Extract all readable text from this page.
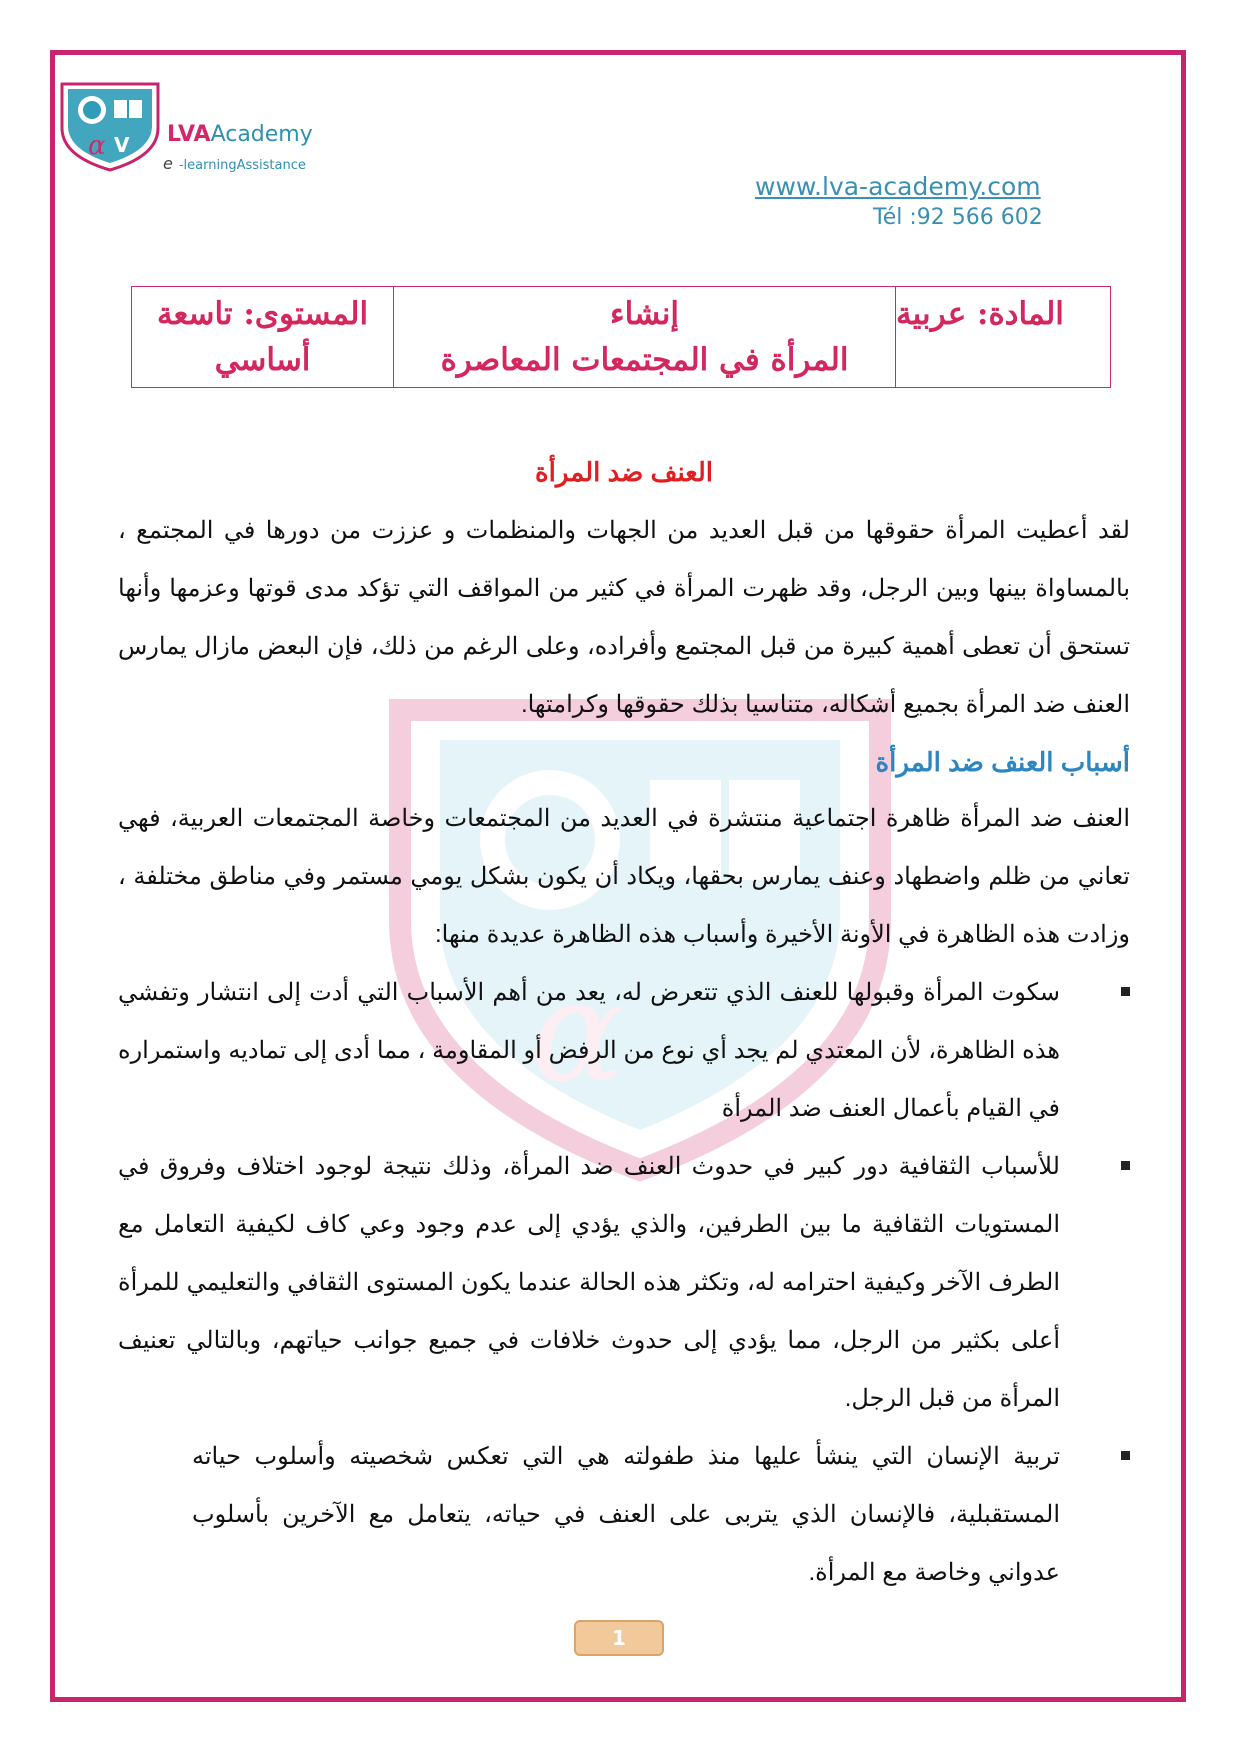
α V LVAAcademy
e -learningAssistance
www.lva-academy.com
Tél :92 566 602
المستوى: تاسعة
أساسي
إنشاء
المرأة في المجتمعات المعاصرة
المادة: عربية
α
العنف ضد المرأة

لقد أعطيت المرأة حقوقها من قبل العديد من الجهات والمنظمات و عززت من دورها في المجتمع ، بالمساواة بينها وبين الرجل، وقد ظهرت المرأة في كثير من المواقف التي تؤكد مدى قوتها وعزمها وأنها تستحق أن تعطى أهمية كبيرة من قبل المجتمع وأفراده، وعلى الرغم من ذلك، فإن البعض مازال يمارس العنف ضد المرأة بجميع أشكاله، متناسيا بذلك حقوقها وكرامتها.

أسباب العنف ضد المرأة

العنف ضد المرأة ظاهرة اجتماعية منتشرة في العديد من المجتمعات وخاصة المجتمعات العربية، فهي تعاني من ظلم واضطهاد وعنف يمارس بحقها، ويكاد أن يكون بشكل يومي مستمر وفي مناطق مختلفة ، وزادت هذه الظاهرة في الأونة الأخيرة وأسباب هذه الظاهرة عديدة منها:

سكوت المرأة وقبولها للعنف الذي تتعرض له، يعد من أهم الأسباب التي أدت إلى انتشار وتفشي هذه الظاهرة، لأن المعتدي لم يجد أي نوع من الرفض أو المقاومة ، مما أدى إلى تماديه واستمراره في القيام بأعمال العنف ضد المرأة
للأسباب الثقافية دور كبير في حدوث العنف ضد المرأة، وذلك نتيجة لوجود اختلاف وفروق في المستويات الثقافية ما بين الطرفين، والذي يؤدي إلى عدم وجود وعي كاف لكيفية التعامل مع الطرف الآخر وكيفية احترامه له، وتكثر هذه الحالة عندما يكون المستوى الثقافي والتعليمي للمرأة أعلى بكثير من الرجل، مما يؤدي إلى حدوث خلافات في جميع جوانب حياتهم، وبالتالي تعنيف المرأة من قبل الرجل.
تربية الإنسان التي ينشأ عليها منذ طفولته هي التي تعكس شخصيته وأسلوب حياته المستقبلية، فالإنسان الذي يتربى على العنف في حياته، يتعامل مع الآخرين بأسلوب عدواني وخاصة مع المرأة.
1
